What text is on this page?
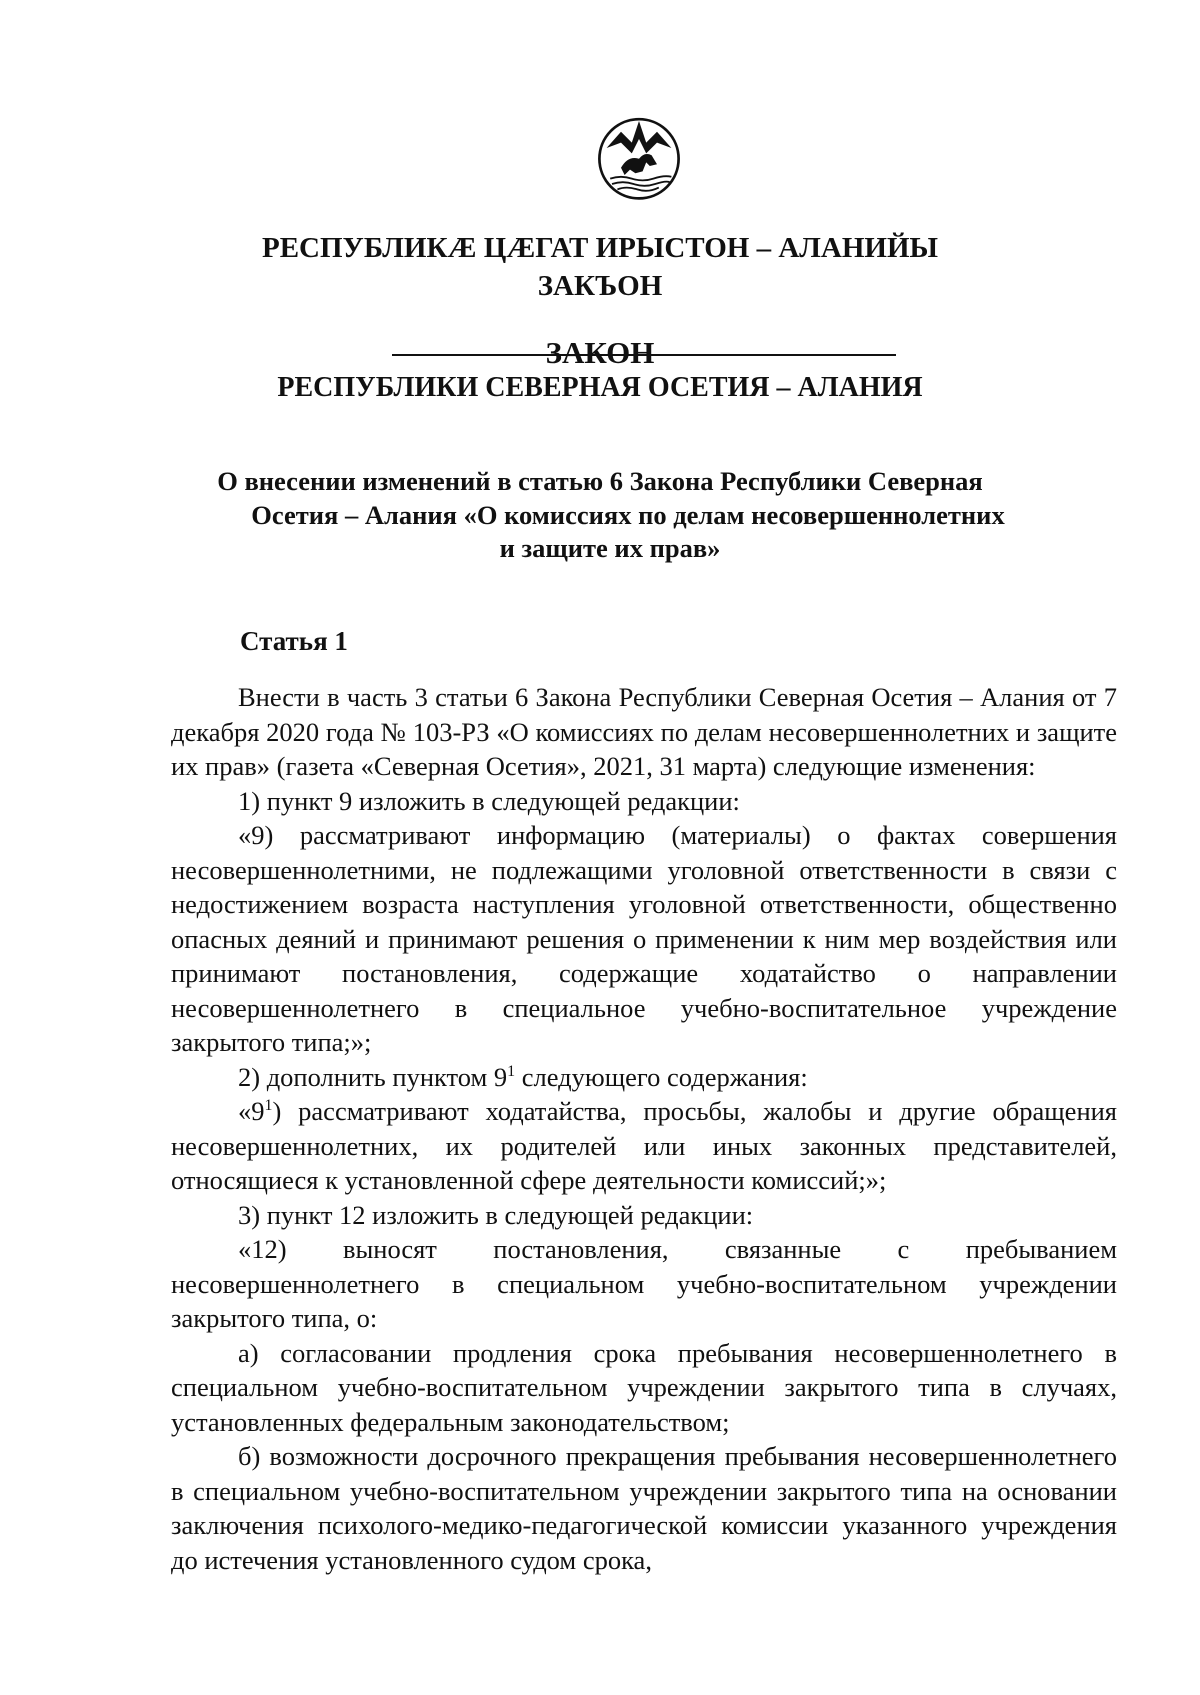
РЕСПУБЛИКÆ ЦÆГАТ ИРЫСТОН – АЛАНИЙЫ
ЗАКЪОН
ЗАКОН
РЕСПУБЛИКИ СЕВЕРНАЯ ОСЕТИЯ – АЛАНИЯ
О внесении изменений в статью 6 Закона Республики Северная
Осетия – Алания «О комиссиях по делам несовершеннолетних
и защите их прав»
Статья 1

Внести в часть 3 статьи 6 Закона Республики Северная Осетия – Алания от 7 декабря 2020 года № 103-РЗ «О комиссиях по делам несовершеннолетних и защите их прав» (газета «Северная Осетия», 2021, 31 марта) следующие изменения:

1) пункт 9 изложить в следующей редакции:

«9) рассматривают информацию (материалы) о фактах совершения несовершеннолетними, не подлежащими уголовной ответственности в связи с недостижением возраста наступления уголовной ответственности, общественно опасных деяний и принимают решения о применении к ним мер воздействия или принимают постановления, содержащие ходатайство о направлении несовершеннолетнего в специальное учебно-воспитательное учреждение закрытого типа;»;

2) дополнить пунктом $9^1$ следующего содержания:

«$9^1$) рассматривают ходатайства, просьбы, жалобы и другие обращения несовершеннолетних, их родителей или иных законных представителей, относящиеся к установленной сфере деятельности комиссий;»;

3) пункт 12 изложить в следующей редакции:

«12) выносят постановления, связанные с пребыванием несовершеннолетнего в специальном учебно-воспитательном учреждении закрытого типа, о:

а) согласовании продления срока пребывания несовершеннолетнего в специальном учебно-воспитательном учреждении закрытого типа в случаях, установленных федеральным законодательством;

б) возможности досрочного прекращения пребывания несовершеннолетнего в специальном учебно-воспитательном учреждении закрытого типа на основании заключения психолого-медико-педагогической комиссии указанного учреждения до истечения установленного судом срока,
